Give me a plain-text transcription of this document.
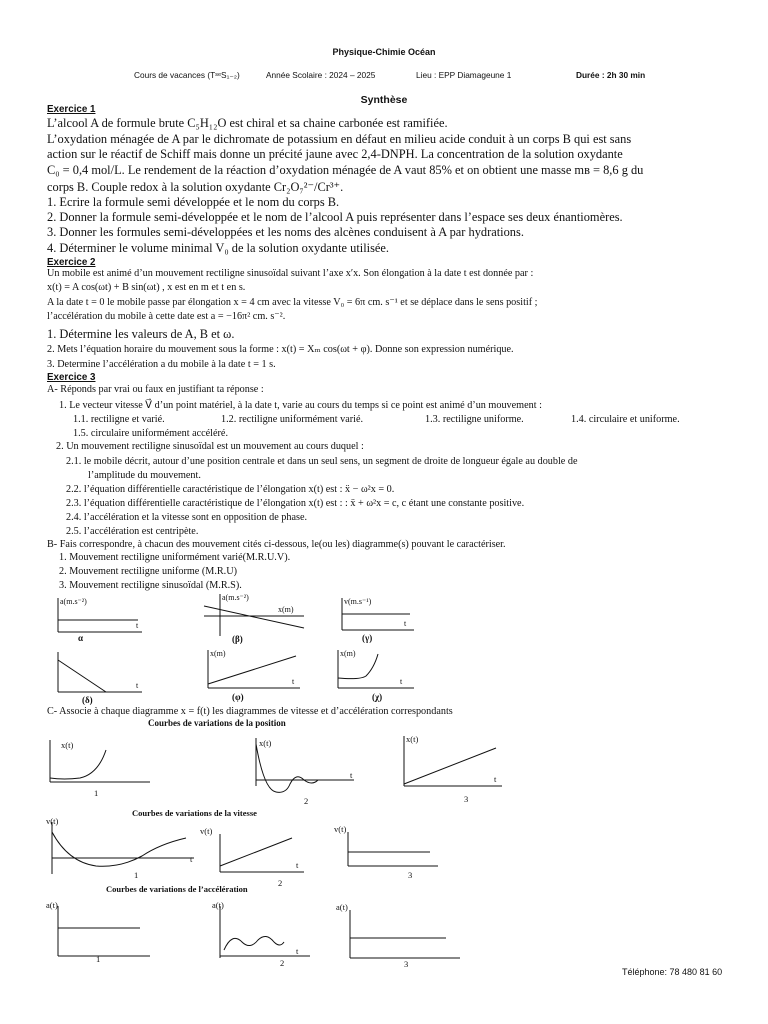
Physique-Chimie Océan
Cours de vacances (TˢᵉS₁₋₂)	Année Scolaire : 2024 – 2025	Lieu : EPP Diamageune 1	Durée : 2h 30 min
Synthèse
Exercice 1
L’alcool A de formule brute C₅H₁₂O est chiral et sa chaine carbonée est ramifiée.
L’oxydation ménagée de A par le dichromate de potassium en défaut en milieu acide conduit à un corps B qui est sans
action sur le réactif de Schiff mais donne un précité jaune avec 2,4-DNPH. La concentration de la solution oxydante
C₀ = 0,4 mol/L. Le rendement de la réaction d’oxydation ménagée de A vaut 85% et on obtient une masse mʙ = 8,6 g du
corps B. Couple redox à la solution oxydante Cr₂O₇²⁻/Cr³⁺.
1. Ecrire la formule semi développée et le nom du corps B.
2. Donner la formule semi-développée et le nom de l’alcool A puis représenter dans l’espace ses deux énantiomères.
3. Donner les formules semi-développées et les noms des alcènes conduisent à A par hydrations.
4. Déterminer le volume minimal V₀ de la solution oxydante utilisée.
Exercice 2
Un mobile est animé d’un mouvement rectiligne sinusoïdal suivant l’axe x′x. Son élongation à la date t est donnée par :
x(t) = A cos(ωt) + B sin(ωt) , x est en m et t en s.
A la date t = 0 le mobile passe par élongation x = 4 cm avec la vitesse V₀ = 6π cm. s⁻¹ et se déplace dans le sens positif ;
l’accélération du mobile à cette date est a = −16π² cm. s⁻².
1. Détermine les valeurs de A, B et ω.
2. Mets l’équation horaire du mouvement sous la forme : x(t) = Xₘ cos(ωt + φ). Donne son expression numérique.
3. Determine l’accélération a du mobile à la date t = 1 s.
Exercice 3
A- Réponds par vrai ou faux en justifiant ta réponse :
1. Le vecteur vitesse V⃗ d’un point matériel, à la date t, varie au cours du temps si ce point est animé d’un mouvement :
1.1. rectiligne et varié.	1.2. rectiligne uniformément varié.	1.3. rectiligne uniforme.	1.4. circulaire et uniforme.
1.5. circulaire uniformément accéléré.
2. Un mouvement rectiligne sinusoïdal est un mouvement au cours duquel :
2.1. le mobile décrit, autour d’une position centrale et dans un seul sens, un segment de droite de longueur égale au double de
l’amplitude du mouvement.
2.2. l’équation différentielle caractéristique de l’élongation x(t) est : ẍ − ω²x = 0.
2.3. l’équation différentielle caractéristique de l’élongation x(t) est : : ẍ + ω²x = c, c étant une constante positive.
2.4. l’accélération et la vitesse sont en opposition de phase.
2.5. l’accélération est centripète.
B- Fais correspondre, à chacun des mouvement cités ci-dessous, le(ou les) diagramme(s) pouvant le caractériser.
1. Mouvement rectiligne uniformément varié(M.R.U.V).
2. Mouvement rectiligne uniforme (M.R.U)
3. Mouvement rectiligne sinusoïdal (M.R.S).
a(m.s⁻²)
t
α
a(m.s⁻²)
x(m)
(β)
v(m.s⁻¹)
t
(γ)
t
(δ)
x(m)
t
(φ)
x(m)
t
(χ)
C- Associe à chaque diagramme x = f(t) les diagrammes de vitesse et d’accélération correspondants
Courbes de variations de la position
x(t)
1
x(t)
t
2
x(t)
t
3
Courbes de variations de la vitesse
v(t)
t
1
v(t)
t
2
v(t)
3
Courbes de variations de l’accélération
a(t)
1
a(t)
t
2
a(t)
3
Téléphone: 78 480 81 60
